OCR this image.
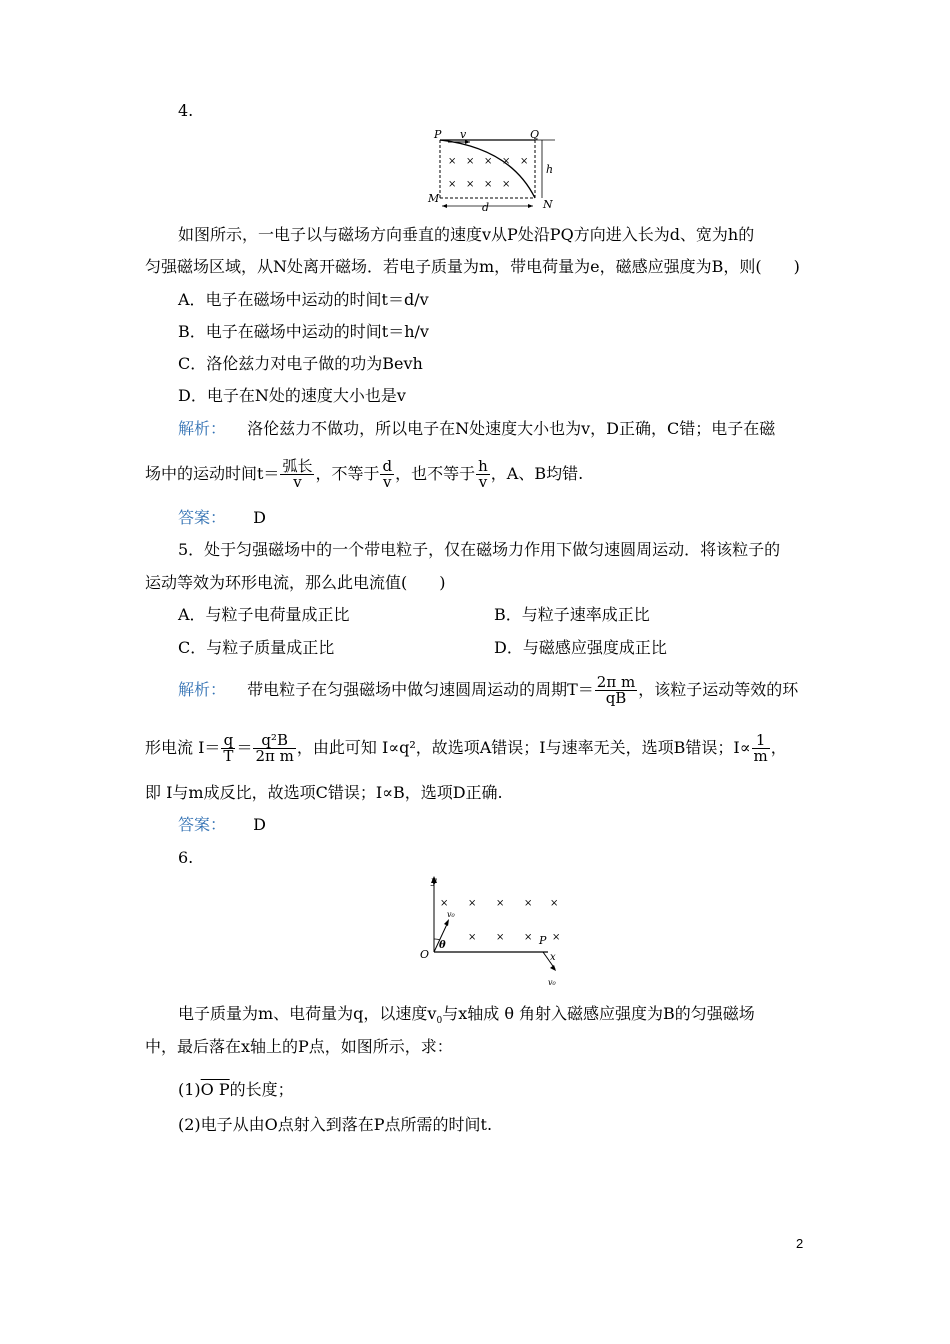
4.
P v	Q
h
M	N
d
× × × × ×
× × × ×
如图所示，一电子以与磁场方向垂直的速度v从P处沿PQ方向进入长为d、宽为h的
匀强磁场区域，从N处离开磁场．若电子质量为m，带电荷量为e，磁感应强度为B，则(　　)
A．电子在磁场中运动的时间t＝d/v
B．电子在磁场中运动的时间t＝h/v
C．洛伦兹力对电子做的功为Bevh
D．电子在N处的速度大小也是v
解析： 洛伦兹力不做功，所以电子在N处速度大小也为v，D正确，C错；电子在磁
场中的运动时间$t= \frac{\text{弧长}}{v}$ ，不等于 $\frac{d}{v}$ ，也不等于 $\frac{h}{v}$ ，A、B均错.
答案： D
5．处于匀强磁场中的一个带电粒子，仅在磁场力作用下做匀速圆周运动．将该粒子的
运动等效为环形电流，那么此电流值(　　)
A．与粒子电荷量成正比	B．与粒子速率成正比
C．与粒子质量成正比	D．与磁感应强度成正比
解析： 带电粒子在匀强磁场中做匀速圆周运动的周期$T= \frac{\text{2π m}}{qB}$ ，该粒子运动等效的环
形电流 $I= \frac{q}{T} = \frac{\text{q²B}}{\text{2π m}}$ ，由此可知 I∝q²，故选项A错误；I与速率无关，选项B错误；$I\propto \frac{1}{m}$ ，
即 I与m成反比，故选项C错误；I∝B，选项D正确.
答案： D
6.
y
x
O
P
θ
v₀
v₀
× × × × ×
× × × ×
电子质量为m、电荷量为q，以速度$v_0$与x轴成 θ 角射入磁感应强度为B的匀强磁场
中，最后落在x轴上的P点，如图所示，求：
(1)O P的长度；
(2)电子从由O点射入到落在P点所需的时间t.
2
